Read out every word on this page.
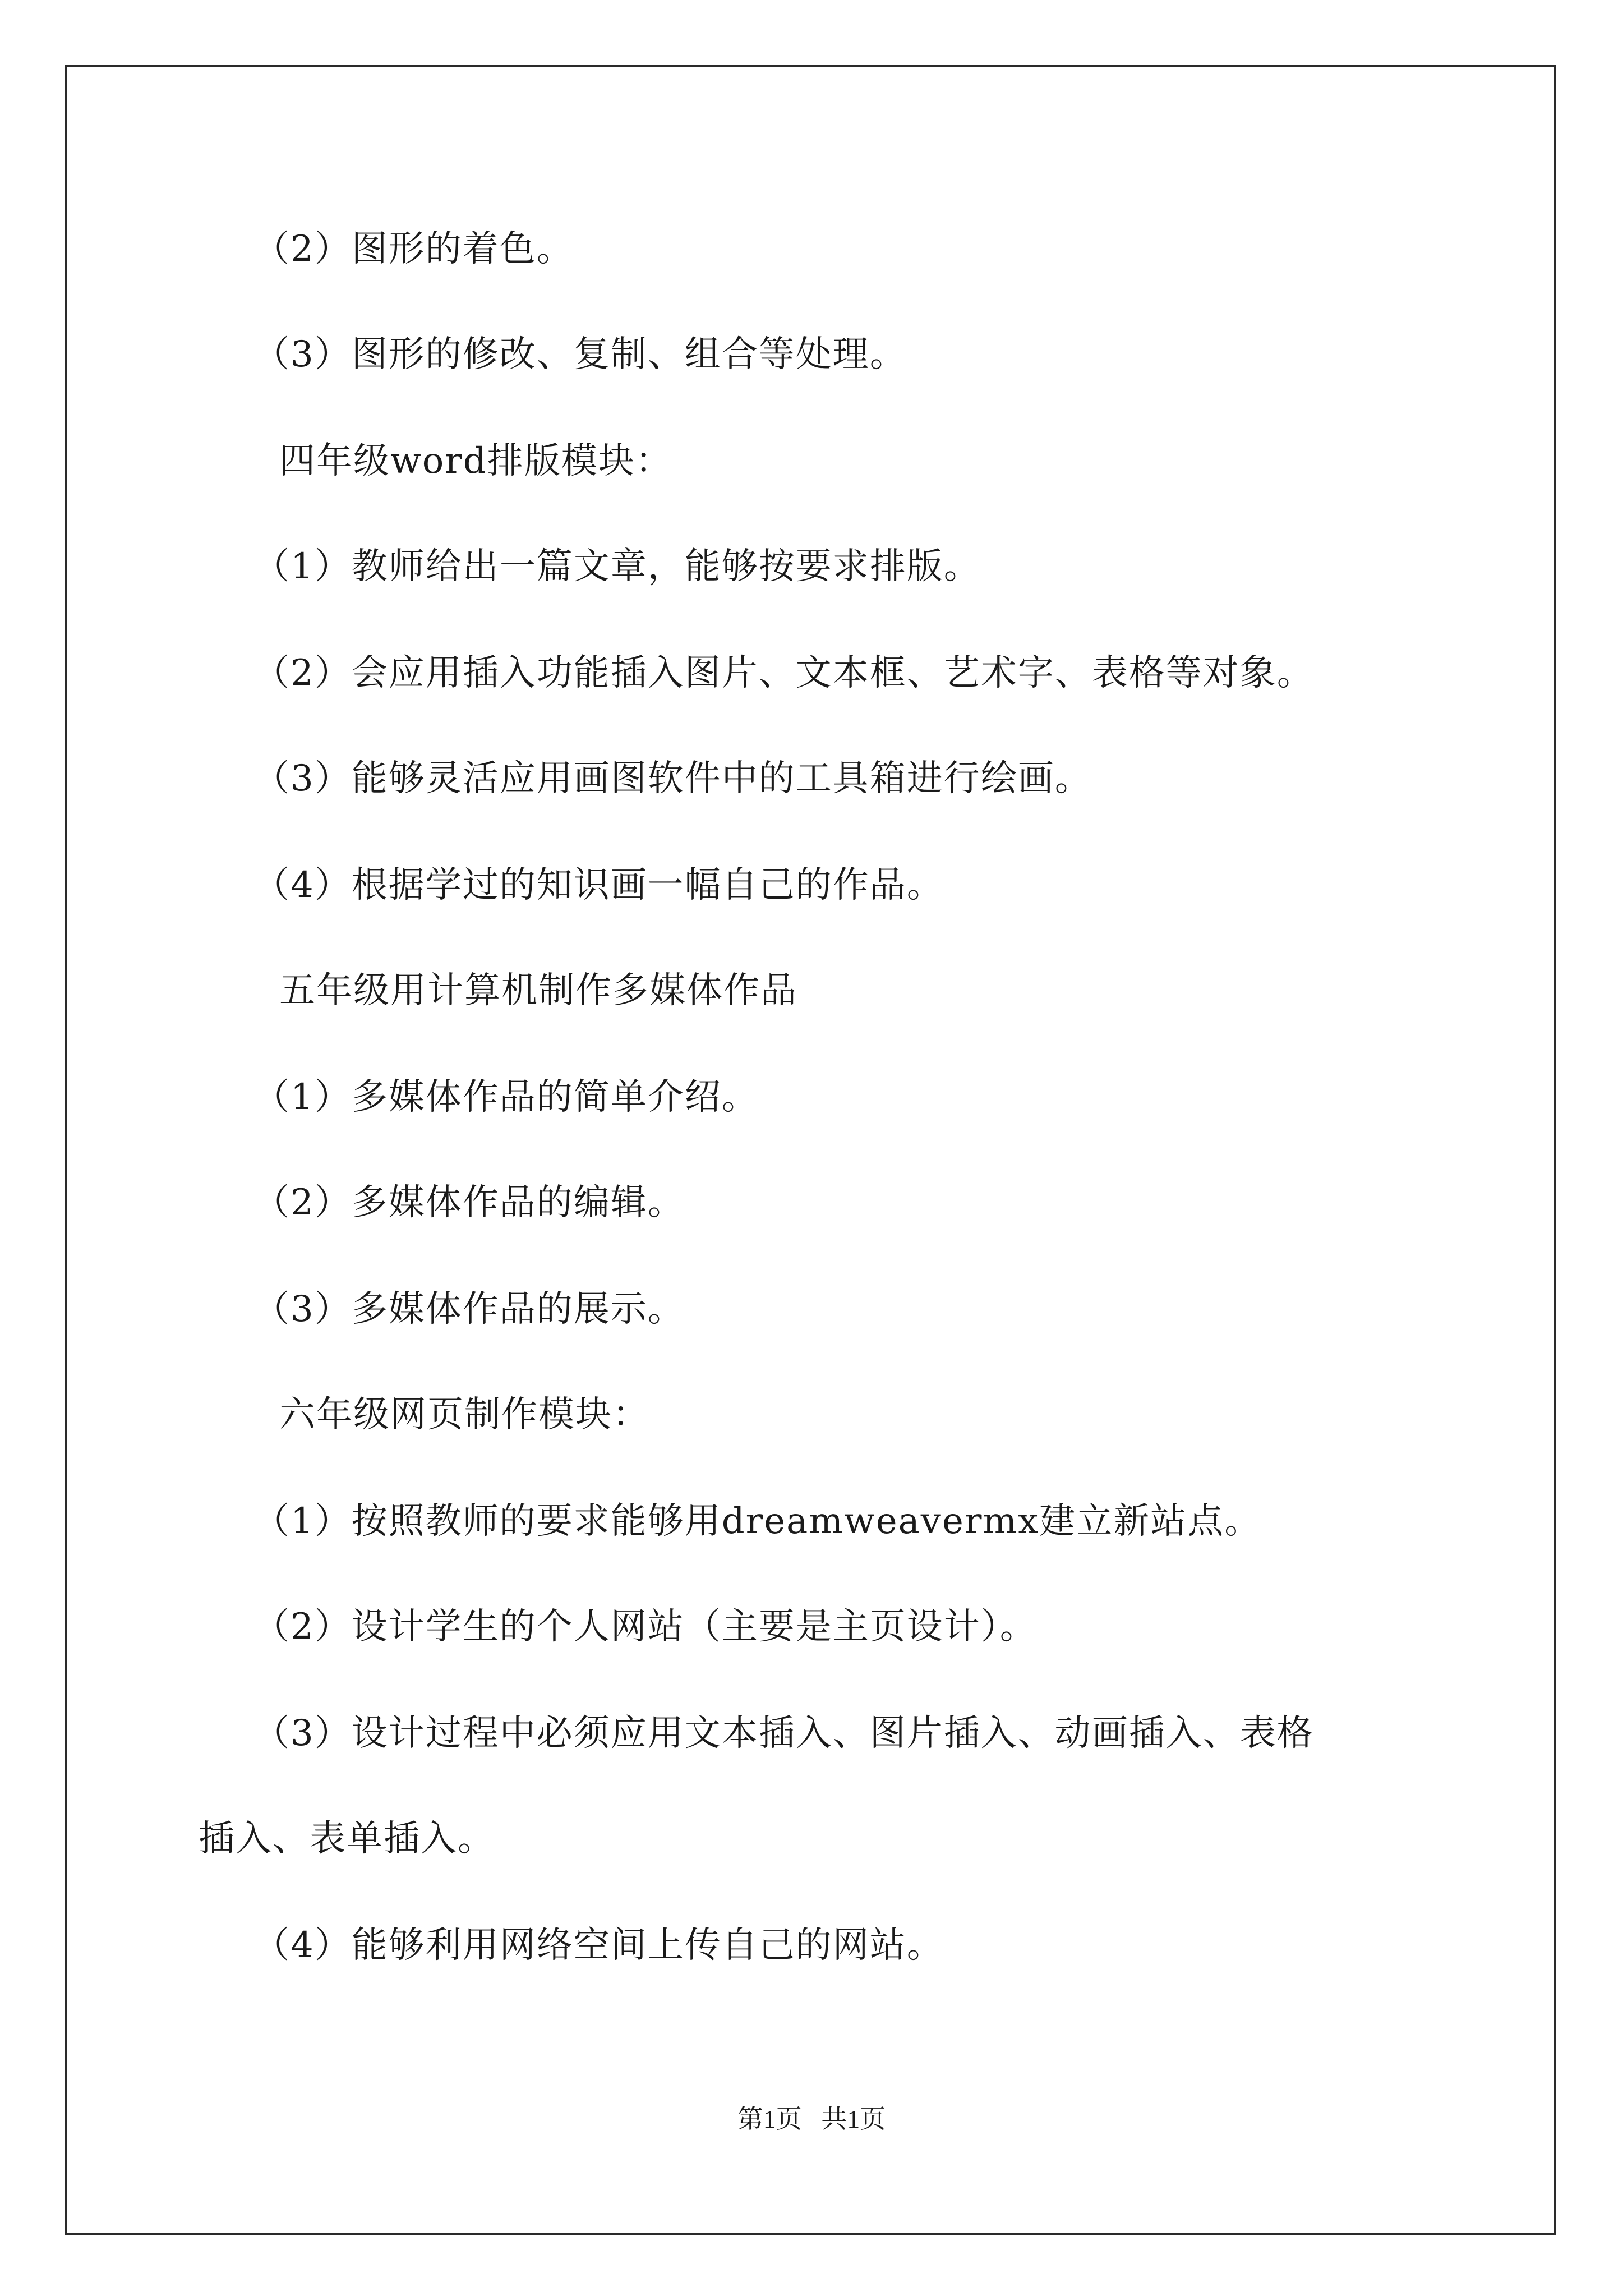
（2）图形的着色。
（3）图形的修改、复制、组合等处理。
四年级word排版模块：
（1）教师给出一篇文章，能够按要求排版。
（2）会应用插入功能插入图片、文本框、艺术字、表格等对象。
（3）能够灵活应用画图软件中的工具箱进行绘画。
（4）根据学过的知识画一幅自己的作品。
五年级用计算机制作多媒体作品
（1）多媒体作品的简单介绍。
（2）多媒体作品的编辑。
（3）多媒体作品的展示。
六年级网页制作模块：
（1）按照教师的要求能够用dreamweavermx建立新站点。
（2）设计学生的个人网站（主要是主页设计）。
（3）设计过程中必须应用文本插入、图片插入、动画插入、表格
插入、表单插入。
（4）能够利用网络空间上传自己的网站。
第1页   共1页
